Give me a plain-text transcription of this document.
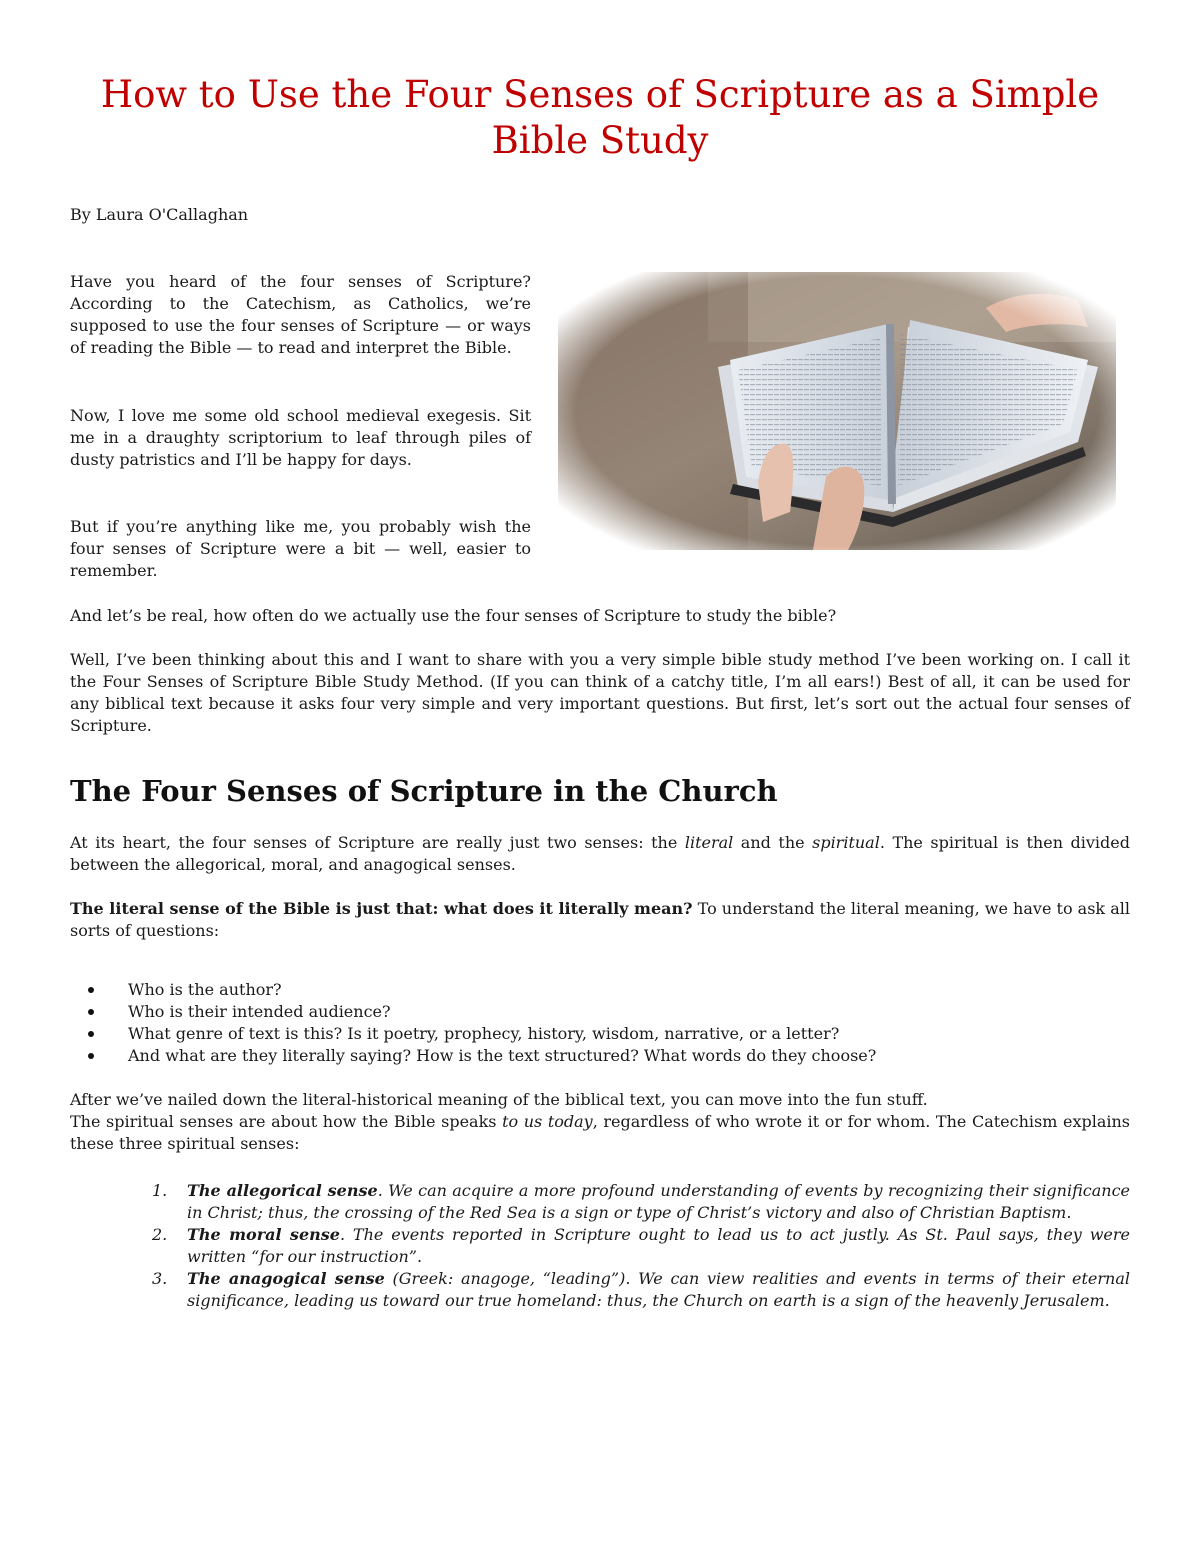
How to Use the Four Senses of Scripture as a Simple Bible Study

By Laura O'Callaghan

Have you heard of the four senses of Scripture? According to the Catechism, as Catholics, we’re supposed to use the four senses of Scripture — or ways of reading the Bible — to read and interpret the Bible.

Now, I love me some old school medieval exegesis. Sit me in a draughty scriptorium to leaf through piles of dusty patristics and I’ll be happy for days.

But if you’re anything like me, you probably wish the four senses of Scripture were a bit — well, easier to remember.

And let’s be real, how often do we actually use the four senses of Scripture to study the bible?

Well, I’ve been thinking about this and I want to share with you a very simple bible study method I’ve been working on. I call it the Four Senses of Scripture Bible Study Method. (If you can think of a catchy title, I’m all ears!) Best of all, it can be used for any biblical text because it asks four very simple and very important questions. But first, let’s sort out the actual four senses of Scripture.

The Four Senses of Scripture in the Church

At its heart, the four senses of Scripture are really just two senses: the literal and the spiritual. The spiritual is then divided between the allegorical, moral, and anagogical senses.

The literal sense of the Bible is just that: what does it literally mean? To understand the literal meaning, we have to ask all sorts of questions:

Who is the author?
Who is their intended audience?
What genre of text is this? Is it poetry, prophecy, history, wisdom, narrative, or a letter?
And what are they literally saying? How is the text structured? What words do they choose?

After we’ve nailed down the literal-historical meaning of the biblical text, you can move into the fun stuff.

The spiritual senses are about how the Bible speaks to us today, regardless of who wrote it or for whom. The Catechism explains these three spiritual senses:

1. The allegorical sense. We can acquire a more profound understanding of events by recognizing their significance in Christ; thus, the crossing of the Red Sea is a sign or type of Christ’s victory and also of Christian Baptism.
2. The moral sense. The events reported in Scripture ought to lead us to act justly. As St. Paul says, they were written “for our instruction”.
3. The anagogical sense (Greek: anagoge, “leading”). We can view realities and events in terms of their eternal significance, leading us toward our true homeland: thus, the Church on earth is a sign of the heavenly Jerusalem.
